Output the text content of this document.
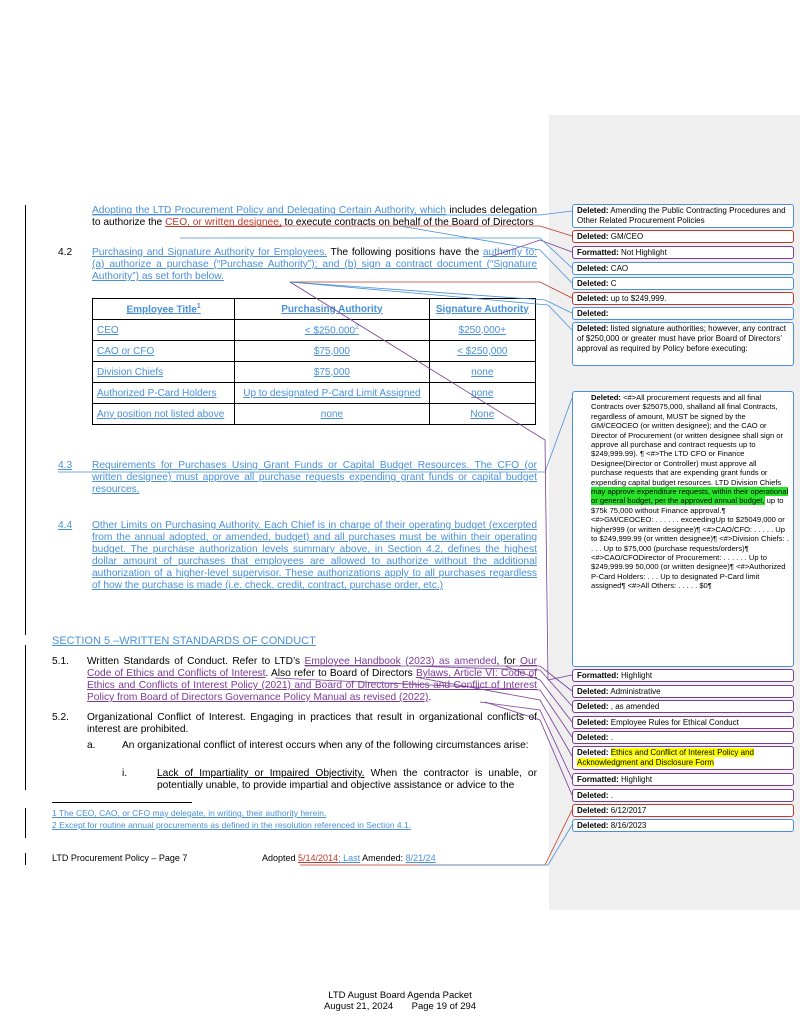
Adopting the LTD Procurement Policy and Delegating Certain Authority, which includes delegation to authorize the CEO, or written designee, to execute contracts on behalf of the Board of Directors
4.2 Purchasing and Signature Authority for Employees. The following positions have the authority to: (a) authorize a purchase (“Purchase Authority”); and (b) sign a contract document (“Signature Authority”) as set forth below.
Employee Title$^1$	Purchasing Authority	Signature Authority
CEO	< $\$250,000^2$	$250,000+
CAO or CFO	$75,000	< $250,000
Division Chiefs	$75,000	none
Authorized P-Card Holders	Up to designated P-Card Limit Assigned	none
Any position not listed above	none	None
4.3 Requirements for Purchases Using Grant Funds or Capital Budget Resources. The CFO (or written designee) must approve all purchase requests expending grant funds or capital budget resources.
4.4 Other Limits on Purchasing Authority. Each Chief is in charge of their operating budget (excerpted from the annual adopted, or amended, budget) and all purchases must be within their operating budget. The purchase authorization levels summary above, in Section 4.2, defines the highest dollar amount of purchases that employees are allowed to authorize without the additional authorization of a higher-level supervisor. These authorizations apply to all purchases regardless of how the purchase is made (i.e. check, credit, contract, purchase order, etc.)
SECTION 5 –WRITTEN STANDARDS OF CONDUCT
5.1. Written Standards of Conduct. Refer to LTD’s Employee Handbook (2023) as amended, for Our Code of Ethics and Conflicts of Interest. Also refer to Board of Directors Bylaws, Article VI: Code of Ethics and Conflicts of Interest Policy (2021) and Board of Directors Ethics and Conflict of Interest Policy from Board of Directors Governance Policy Manual as revised (2022).
5.2. Organizational Conflict of Interest. Engaging in practices that result in organizational conflicts of interest are prohibited.
a.	An organizational conflict of interest occurs when any of the following circumstances arise:
i.	Lack of Impartiality or Impaired Objectivity. When the contractor is unable, or potentially unable, to provide impartial and objective assistance or advice to the
1 The CEO, CAO, or CFO may delegate, in writing, their authority herein.
2 Except for routine annual procurements as defined in the resolution referenced in Section 4.1.
LTD Procurement Policy – Page 7	Adopted 5/14/2014; Last Amended: 8/21/24
LTD August Board Agenda Packet
August 21, 2024       Page 19 of 294
Deleted: Amending the Public Contracting Procedures and Other Related Procurement Policies
Deleted: GM/CEO
Formatted: Not Highlight
Deleted: CAO
Deleted: C
Deleted: up to $249,999.
Deleted:
Deleted: listed signature authorities; however, any contract of $250,000 or greater must have prior Board of Directors’ approval as required by Policy before executing:
Deleted: <#>All procurement requests and all final Contracts over $25075,000, shalland all final Contracts, regardless of amount, MUST be signed by the GM/CEOCEO (or written designee); and the CAO or Director of Procurement (or written designee shall sign or approve all purchase and contract requests up to $249,999.99). ¶ <#>The LTD CFO or Finance Designee(Director or Controller) must approve all purchase requests that are expending grant funds or expending capital budget resources. LTD Division Chiefs may approve expenditure requests, within their operational or general budget, per the approved annual budget, up to $75k 75,000 without Finance approval.¶ <#>GM/CEOCEO: . . . . . . exceedingUp to $25049,000 or higher999 (or written designee)¶ <#>CAO/CFO: . . . . . Up to $249,999.99 (or written designee)¶ <#>Division Chiefs: . . . . Up to $75,000 (purchase requests/orders)¶ <#>CAO/CFODirector of Procurement: . . . . . . Up to $249,999.99 50,000 (or written designee)¶ <#>Authorized P-Card Holders: . . . Up to designated P-Card limit assigned¶ <#>All Others: . . . . . $0¶
Formatted: Highlight
Deleted: Administrative
Deleted: , as amended
Deleted: Employee Rules for Ethical Conduct
Deleted: .
Deleted: Ethics and Conflict of Interest Policy and Acknowledgment and Disclosure Form
Formatted: Highlight
Deleted: .
Deleted: 6/12/2017
Deleted: 8/16/2023
